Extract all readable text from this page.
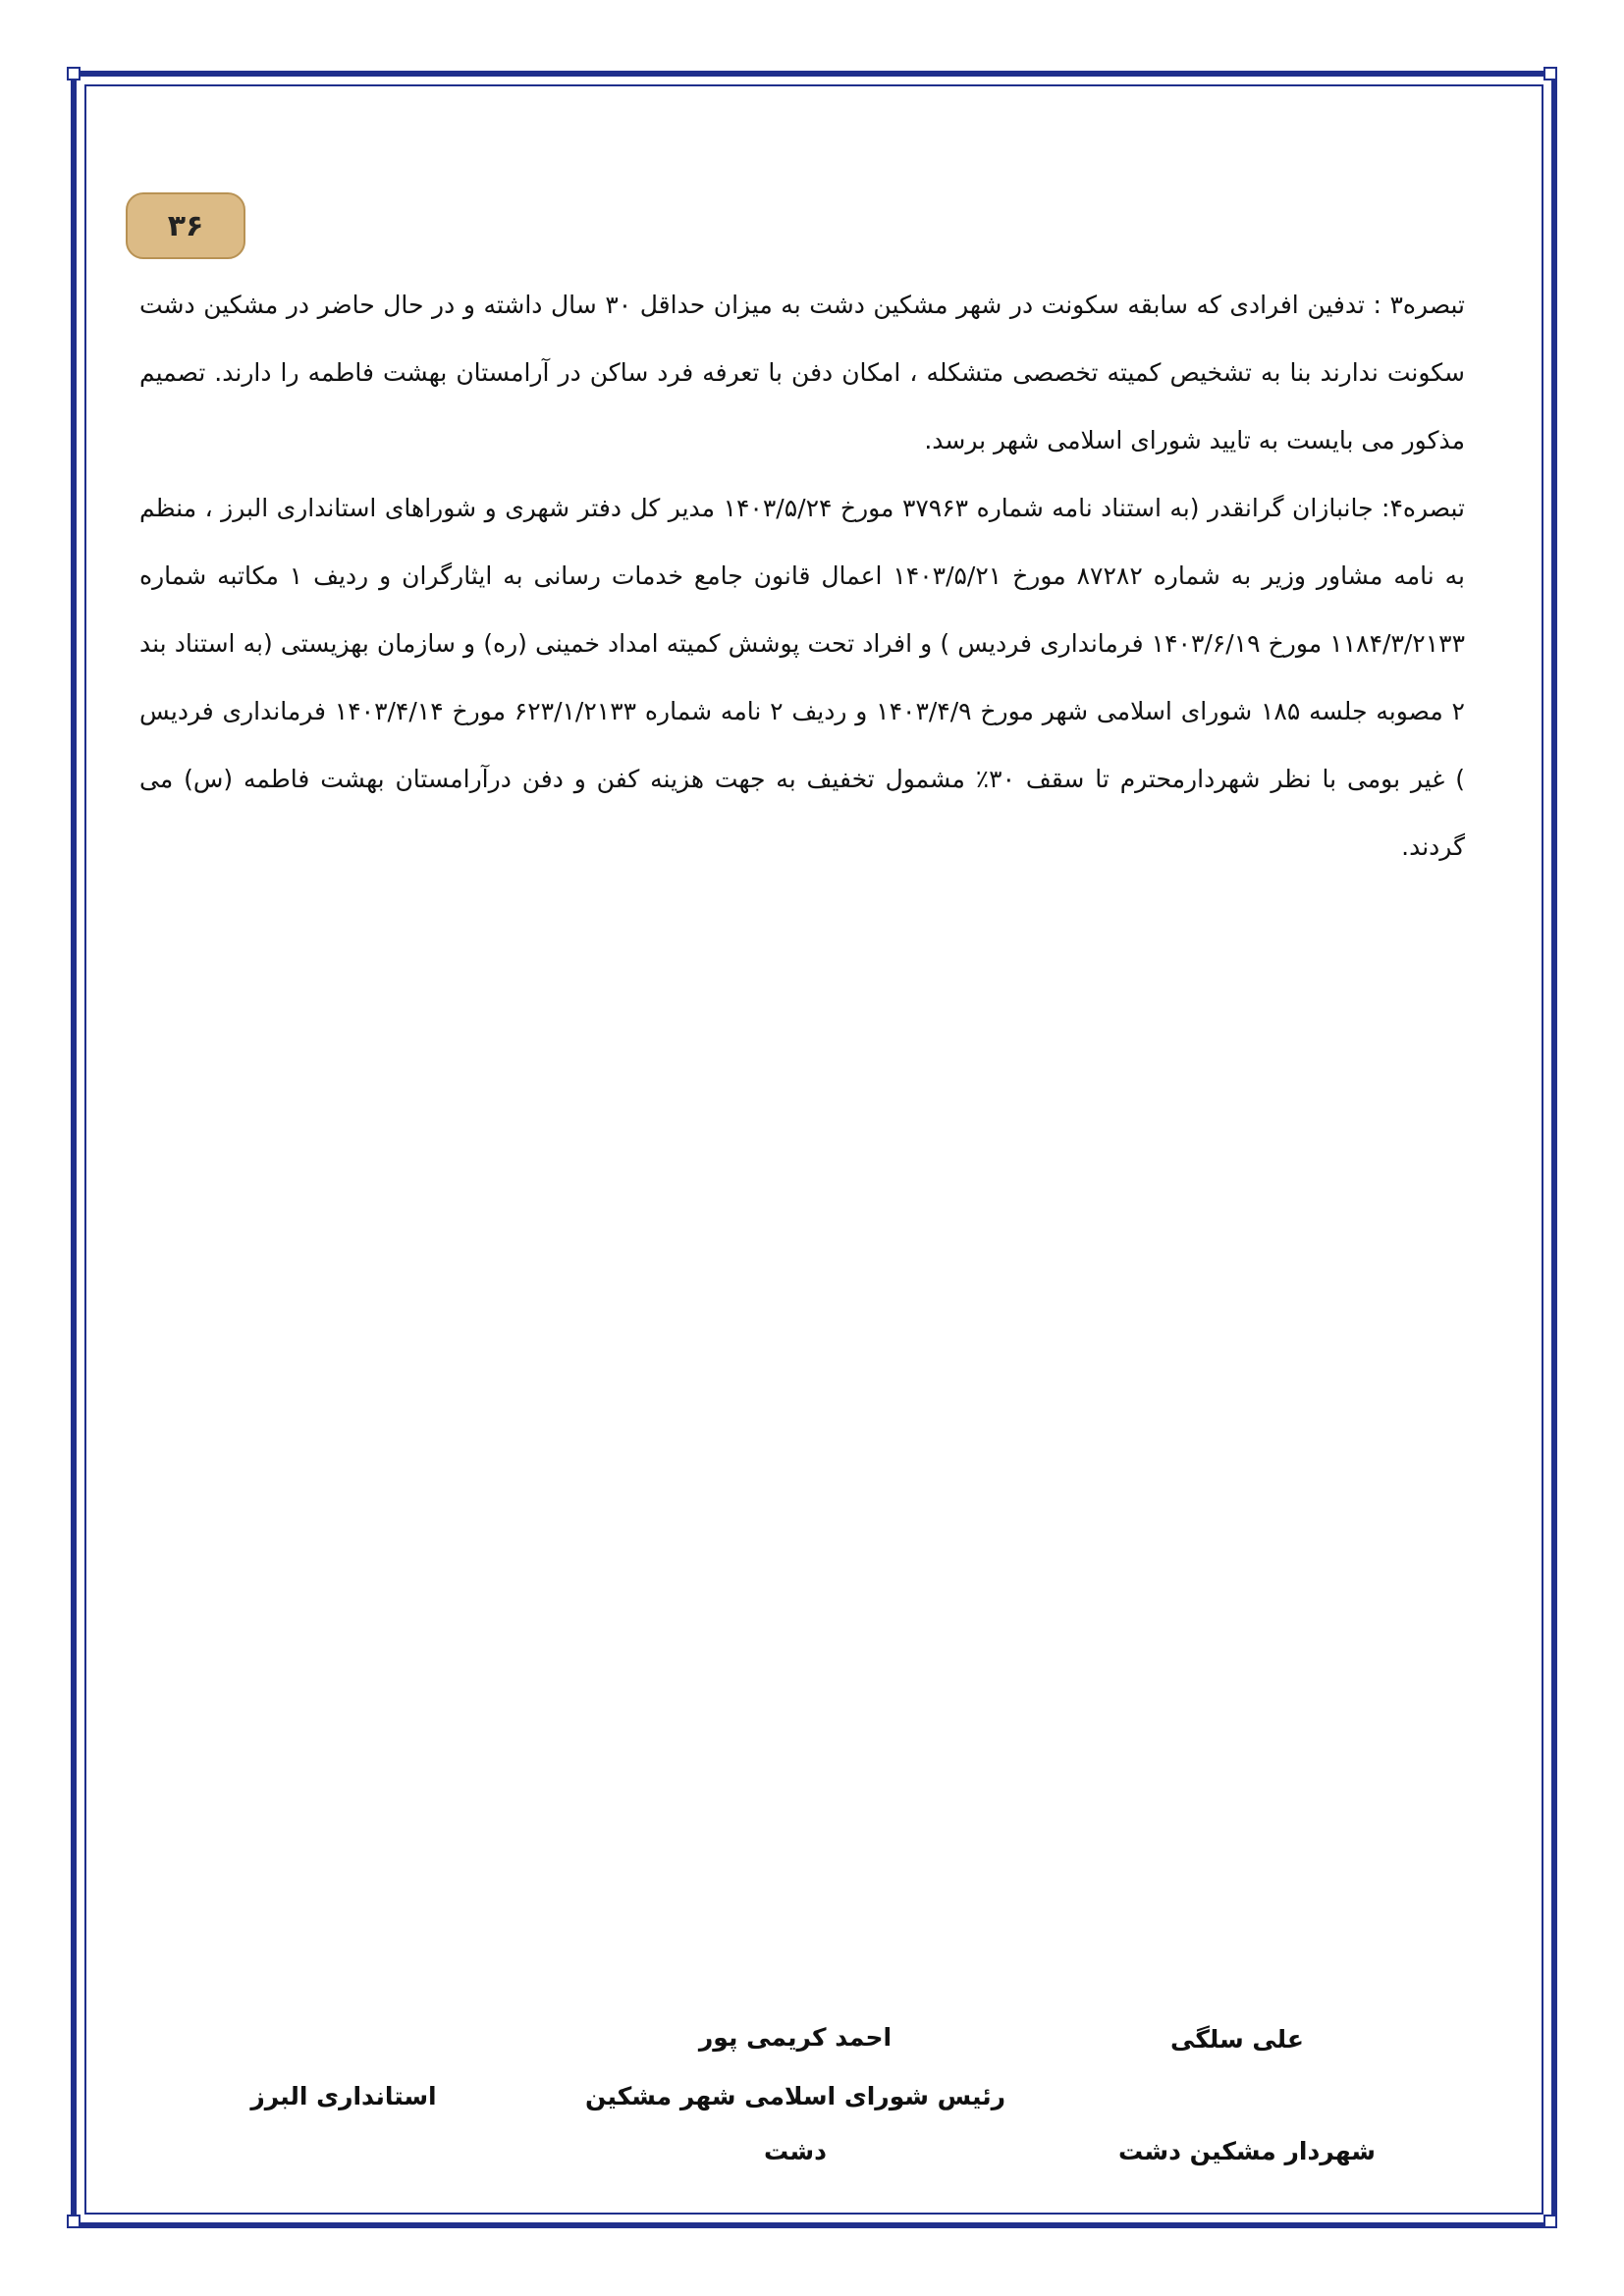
۳۶

تبصره۳ : تدفین افرادی که سابقه سکونت در شهر مشکین دشت به میزان حداقل ۳۰ سال داشته و در حال حاضر در مشکین دشت سکونت ندارند بنا به تشخیص کمیته تخصصی متشکله ، امکان دفن با تعرفه فرد ساکن در آرامستان بهشت فاطمه را دارند. تصمیم مذکور می بایست به تایید شورای اسلامی شهر برسد.

تبصره۴: جانبازان گرانقدر (به استناد نامه شماره ۳۷۹۶۳ مورخ ۱۴۰۳/۵/۲۴ مدیر کل دفتر شهری و شوراهای استانداری البرز ، منظم به نامه مشاور وزیر به شماره ۸۷۲۸۲ مورخ ۱۴۰۳/۵/۲۱ اعمال قانون جامع خدمات رسانی به ایثارگران و ردیف ۱ مکاتبه شماره ۱۱۸۴/۳/۲۱۳۳ مورخ ۱۴۰۳/۶/۱۹ فرمانداری فردیس ) و افراد تحت پوشش کمیته امداد خمینی (ره) و سازمان بهزیستی (به استناد بند ۲ مصوبه جلسه ۱۸۵ شورای اسلامی شهر مورخ ۱۴۰۳/۴/۹ و ردیف ۲ نامه شماره ۶۲۳/۱/۲۱۳۳ مورخ ۱۴۰۳/۴/۱۴ فرمانداری فردیس ) غیر بومی با نظر شهردارمحترم تا سقف ۳۰٪ مشمول تخفیف به جهت هزینه کفن و دفن درآرامستان بهشت فاطمه (س) می گردند.

علی سلگی
شهردار مشکین دشت
احمد کریمی پور
رئیس شورای اسلامی شهر مشکین
دشت
استانداری البرز
